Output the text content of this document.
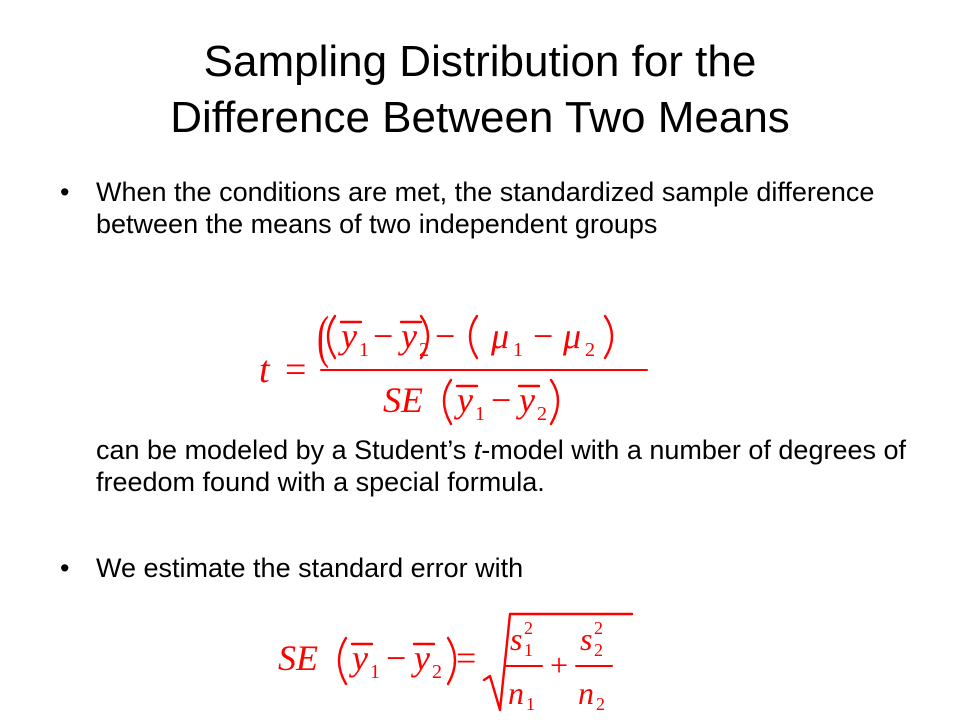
Sampling Distribution for the
Difference Between Two Means
• When the conditions are met, the standardized sample difference between the means of two independent groups
t =
( y 1 − y 2 − μ 1 − μ 2
SE y 1 − y 2
can be modeled by a Student’s t-model with a number of degrees of freedom found with a special formula.
• We estimate the standard error with
SE y 1 − y 2 = s 2
1
n 1
+
s 2
2
n 2
